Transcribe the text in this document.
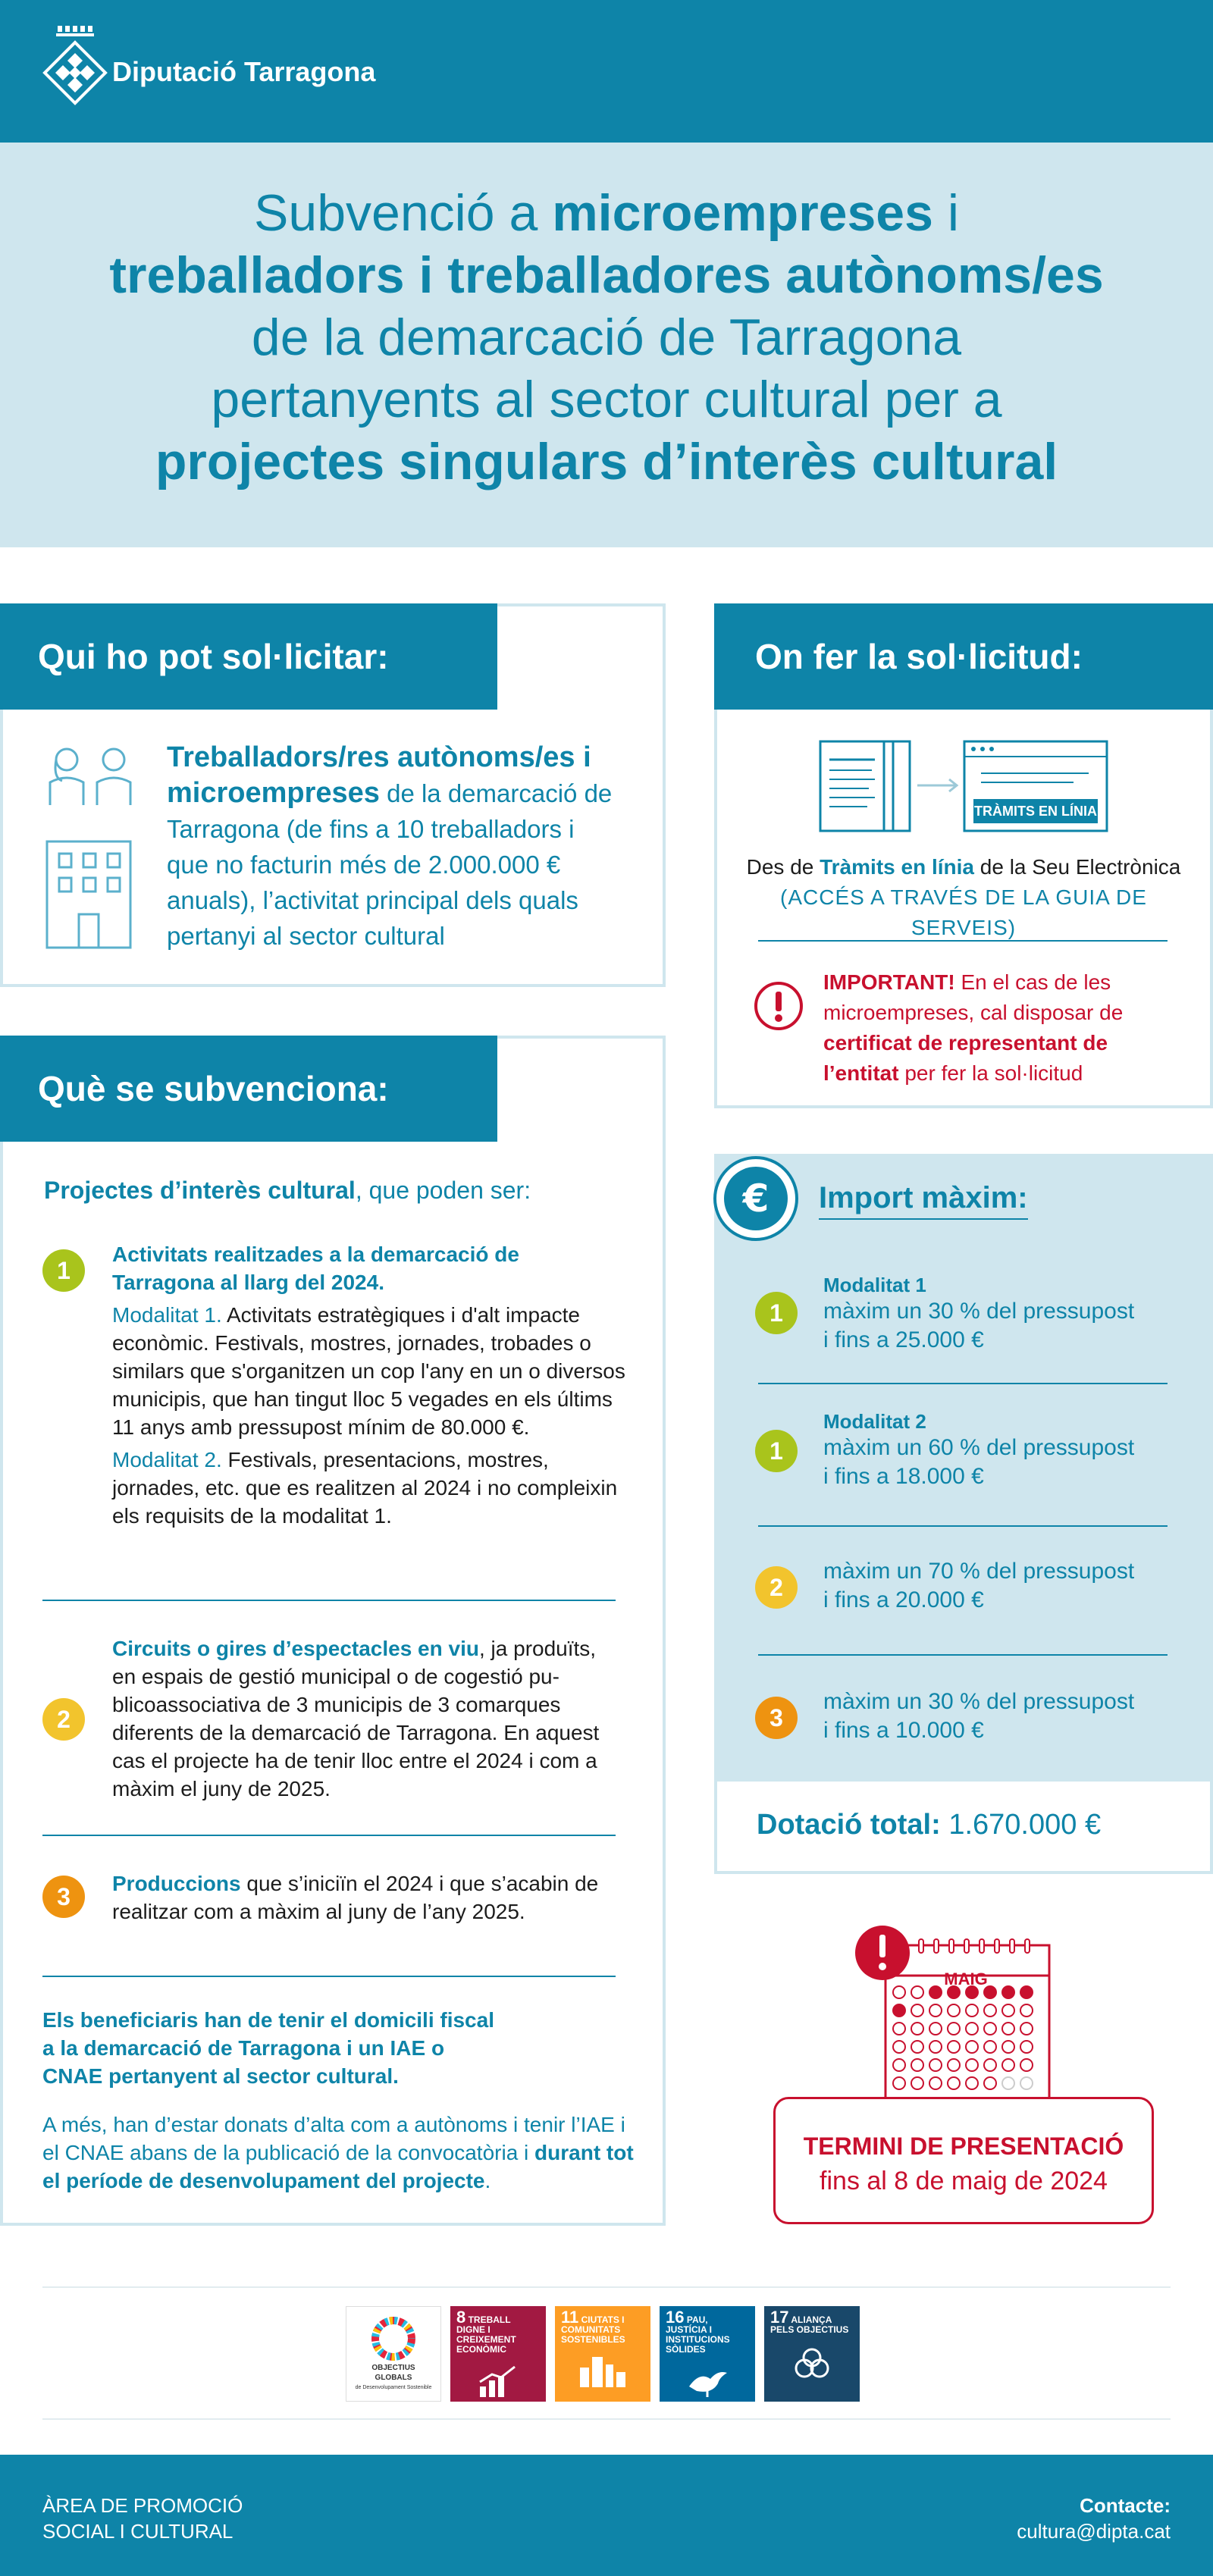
Diputació Tarragona
Subvenció a microempreses i
treballadors i treballadores autònoms/es
de la demarcació de Tarragona
pertanyents al sector cultural per a
projectes singulars d’interès cultural
Qui ho pot sol·licitar:
Treballadors/res autònoms/es i microempreses de la demarcació de Tarragona (de fins a 10 treballadors i que no facturin més de 2.000.000 € anuals), l’activitat principal dels quals pertanyi al sector cultural
On fer la sol·licitud:
TRÀMITS EN LÍNIA
Des de Tràmits en línia de la Seu Electrònica
(ACCÉS A TRAVÉS DE LA GUIA DE SERVEIS)
IMPORTANT! En el cas de les microempreses, cal disposar de certificat de representant de l’entitat per fer la sol·licitud
Què se subvenciona:
Projectes d’interès cultural, que poden ser:
1
Activitats realitzades a la demarcació de Tarragona al llarg del 2024.
Modalitat 1. Activitats estratègiques i d'alt impacte econòmic. Festivals, mostres, jornades, trobades o similars que s'organitzen un cop l'any en un o diversos municipis, que han tingut lloc 5 vegades en els últims 11 anys amb pressupost mínim de 80.000 €.
Modalitat 2. Festivals, presentacions, mostres, jornades, etc. que es realitzen al 2024 i no compleixin els requisits de la modalitat 1.
2
Circuits o gires d’espectacles en viu, ja produïts, en espais de gestió municipal o de cogestió pu-blicoassociativa de 3 municipis de 3 comarques diferents de la demarcació de Tarragona. En aquest cas el projecte ha de tenir lloc entre el 2024 i com a màxim el juny de 2025.
3	Produccions que s’iniciïn el 2024 i que s’acabin de realitzar com a màxim al juny de l’any 2025.
Els beneficiaris han de tenir el domicili fiscal a la demarcació de Tarragona i un IAE o CNAE pertanyent al sector cultural.
A més, han d’estar donats d’alta com a autònoms i tenir l’IAE i el CNAE abans de la publicació de la convocatòria i durant tot el període de desenvolupament del projecte.
€ Import màxim:
1
Modalitat 1
màxim un 30 % del pressupost
i fins a 25.000 €
1
Modalitat 2
màxim un 60 % del pressupost
i fins a 18.000 €
2
màxim un 70 % del pressupost
i fins a 20.000 €
3
màxim un 30 % del pressupost
i fins a 10.000 €
Dotació total: 1.670.000 €
MAIG
TERMINI DE PRESENTACIÓ
fins al 8 de maig de 2024
OBJECTIUS GLOBALS
de Desenvolupament Sostenible
8 TREBALL DIGNE I CREIXEMENT ECONÒMIC
11 CIUTATS I COMUNITATS SOSTENIBLES
16 PAU, JUSTÍCIA I INSTITUCIONS SÒLIDES
17 ALIANÇA PELS OBJECTIUS
ÀREA DE PROMOCIÓ
SOCIAL I CULTURAL
Contacte:
cultura@dipta.cat
